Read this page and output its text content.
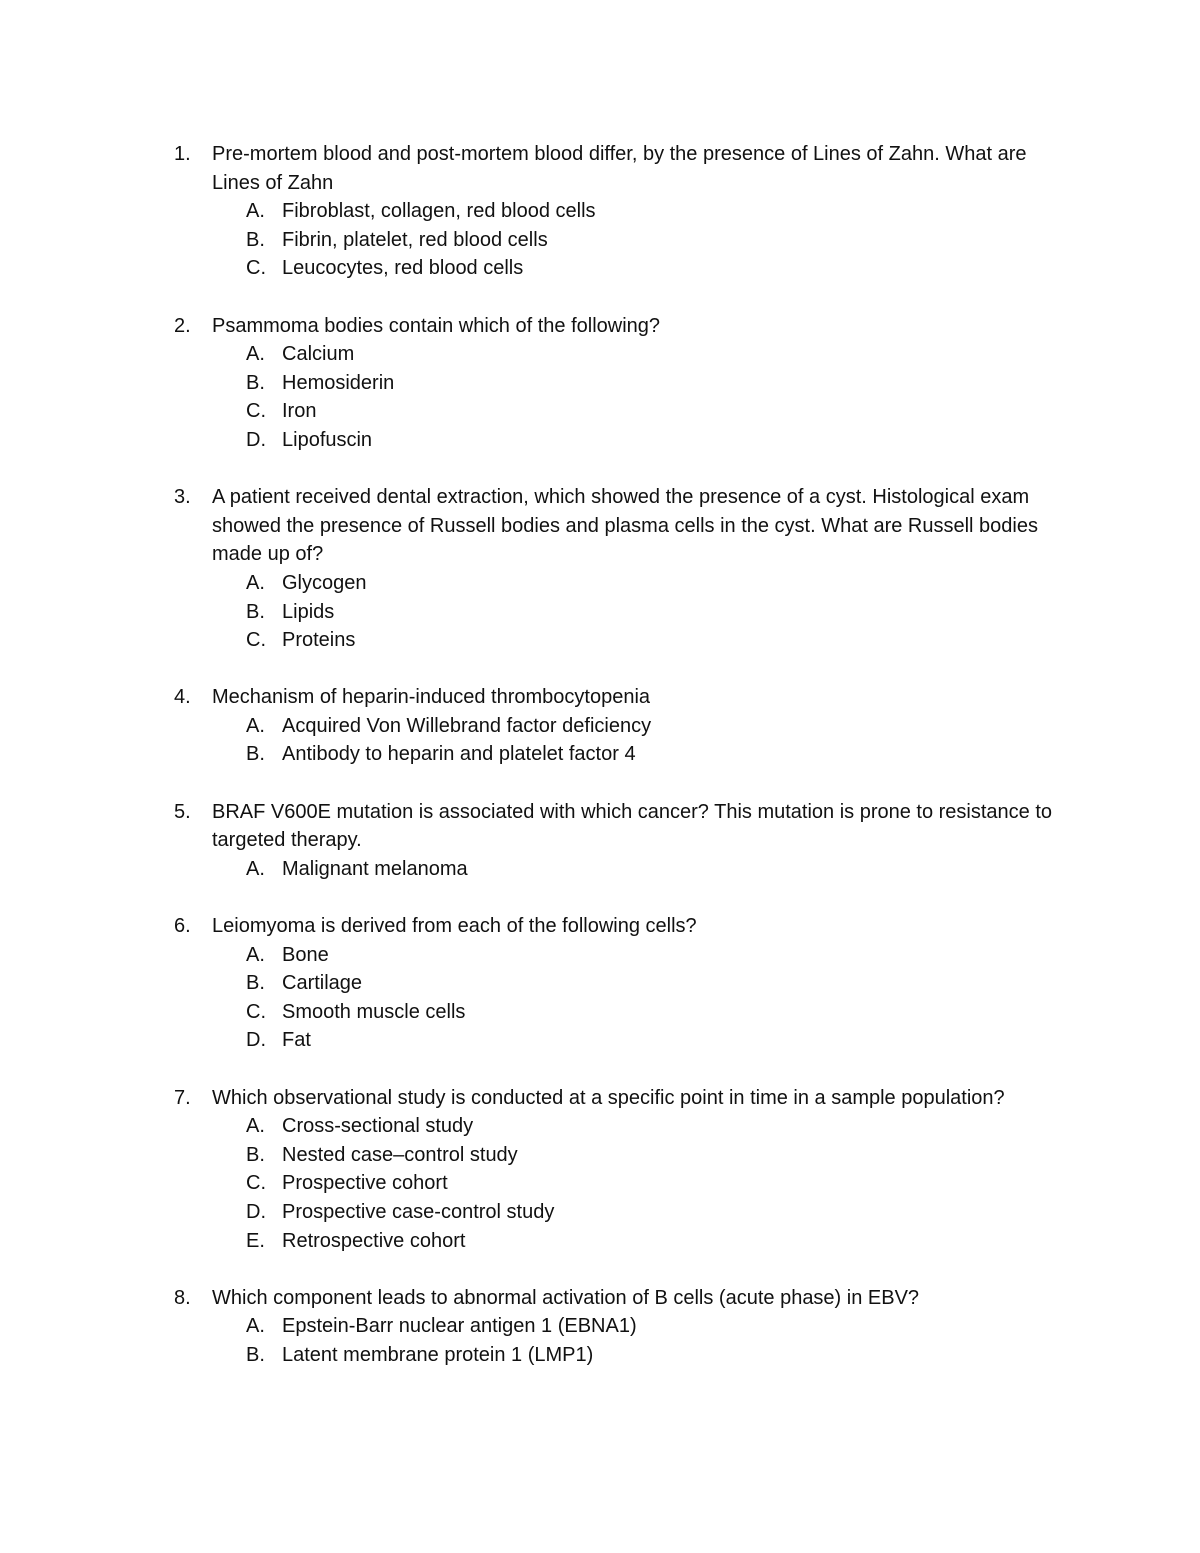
1. Pre-mortem blood and post-mortem blood differ, by the presence of Lines of Zahn. What are Lines of Zahn
A. Fibroblast, collagen, red blood cells
B. Fibrin, platelet, red blood cells
C. Leucocytes, red blood cells
2. Psammoma bodies contain which of the following?
A. Calcium
B. Hemosiderin
C. Iron
D. Lipofuscin
3. A patient received dental extraction, which showed the presence of a cyst. Histological exam showed the presence of Russell bodies and plasma cells in the cyst. What are Russell bodies made up of?
A. Glycogen
B. Lipids
C. Proteins
4. Mechanism of heparin-induced thrombocytopenia
A. Acquired Von Willebrand factor deficiency
B. Antibody to heparin and platelet factor 4
5. BRAF V600E mutation is associated with which cancer? This mutation is prone to resistance to targeted therapy.
A. Malignant melanoma
6. Leiomyoma is derived from each of the following cells?
A. Bone
B. Cartilage
C. Smooth muscle cells
D. Fat
7. Which observational study is conducted at a specific point in time in a sample population?
A. Cross-sectional study
B. Nested case–control study
C. Prospective cohort
D. Prospective case-control study
E. Retrospective cohort
8. Which component leads to abnormal activation of B cells (acute phase) in EBV?
A. Epstein-Barr nuclear antigen 1 (EBNA1)
B. Latent membrane protein 1 (LMP1)
